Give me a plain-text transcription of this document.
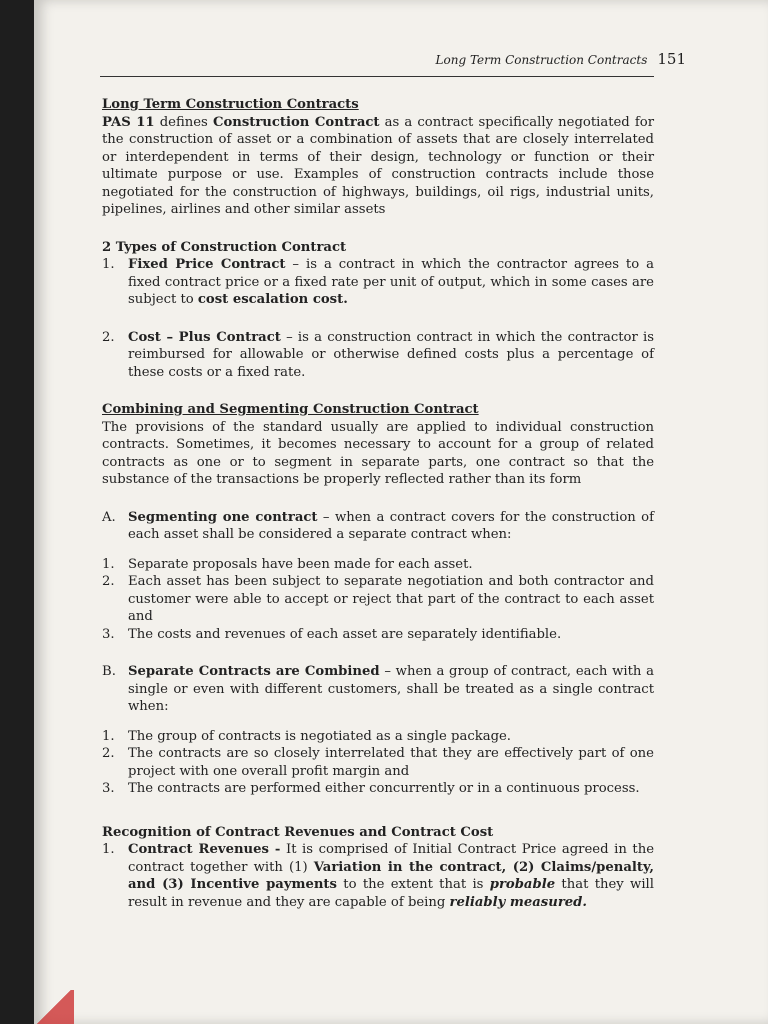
Long Term Construction Contracts 151

Long Term Construction Contracts

PAS 11 defines Construction Contract as a contract specifically negotiated for the construction of asset or a combination of assets that are closely interrelated or interdependent in terms of their design, technology or function or their ultimate purpose or use. Examples of construction contracts include those negotiated for the construction of highways, buildings, oil rigs, industrial units, pipelines, airlines and other similar assets

2 Types of Construction Contract

1.	Fixed Price Contract – is a contract in which the contractor agrees to a fixed contract price or a fixed rate per unit of output, which in some cases are subject to cost escalation cost.
2.	Cost – Plus Contract – is a construction contract in which the contractor is reimbursed for allowable or otherwise defined costs plus a percentage of these costs or a fixed rate.

Combining and Segmenting Construction Contract

The provisions of the standard usually are applied to individual construction contracts. Sometimes, it becomes necessary to account for a group of related contracts as one or to segment in separate parts, one contract so that the substance of the transactions be properly reflected rather than its form

A. Segmenting one contract – when a contract covers for the construction of each asset shall be considered a separate contract when:
1.	Separate proposals have been made for each asset.
2.	Each asset has been subject to separate negotiation and both contractor and customer were able to accept or reject that part of the contract to each asset and
3.	The costs and revenues of each asset are separately identifiable.
B. Separate Contracts are Combined – when a group of contract, each with a single or even with different customers, shall be treated as a single contract when:
1.	The group of contracts is negotiated as a single package.
2.	The contracts are so closely interrelated that they are effectively part of one project with one overall profit margin and
3.	The contracts are performed either concurrently or in a continuous process.

Recognition of Contract Revenues and Contract Cost

1.	Contract Revenues - It is comprised of Initial Contract Price agreed in the contract together with (1) Variation in the contract, (2) Claims/penalty, and (3) Incentive payments to the extent that is probable that they will result in revenue and they are capable of being reliably measured.
